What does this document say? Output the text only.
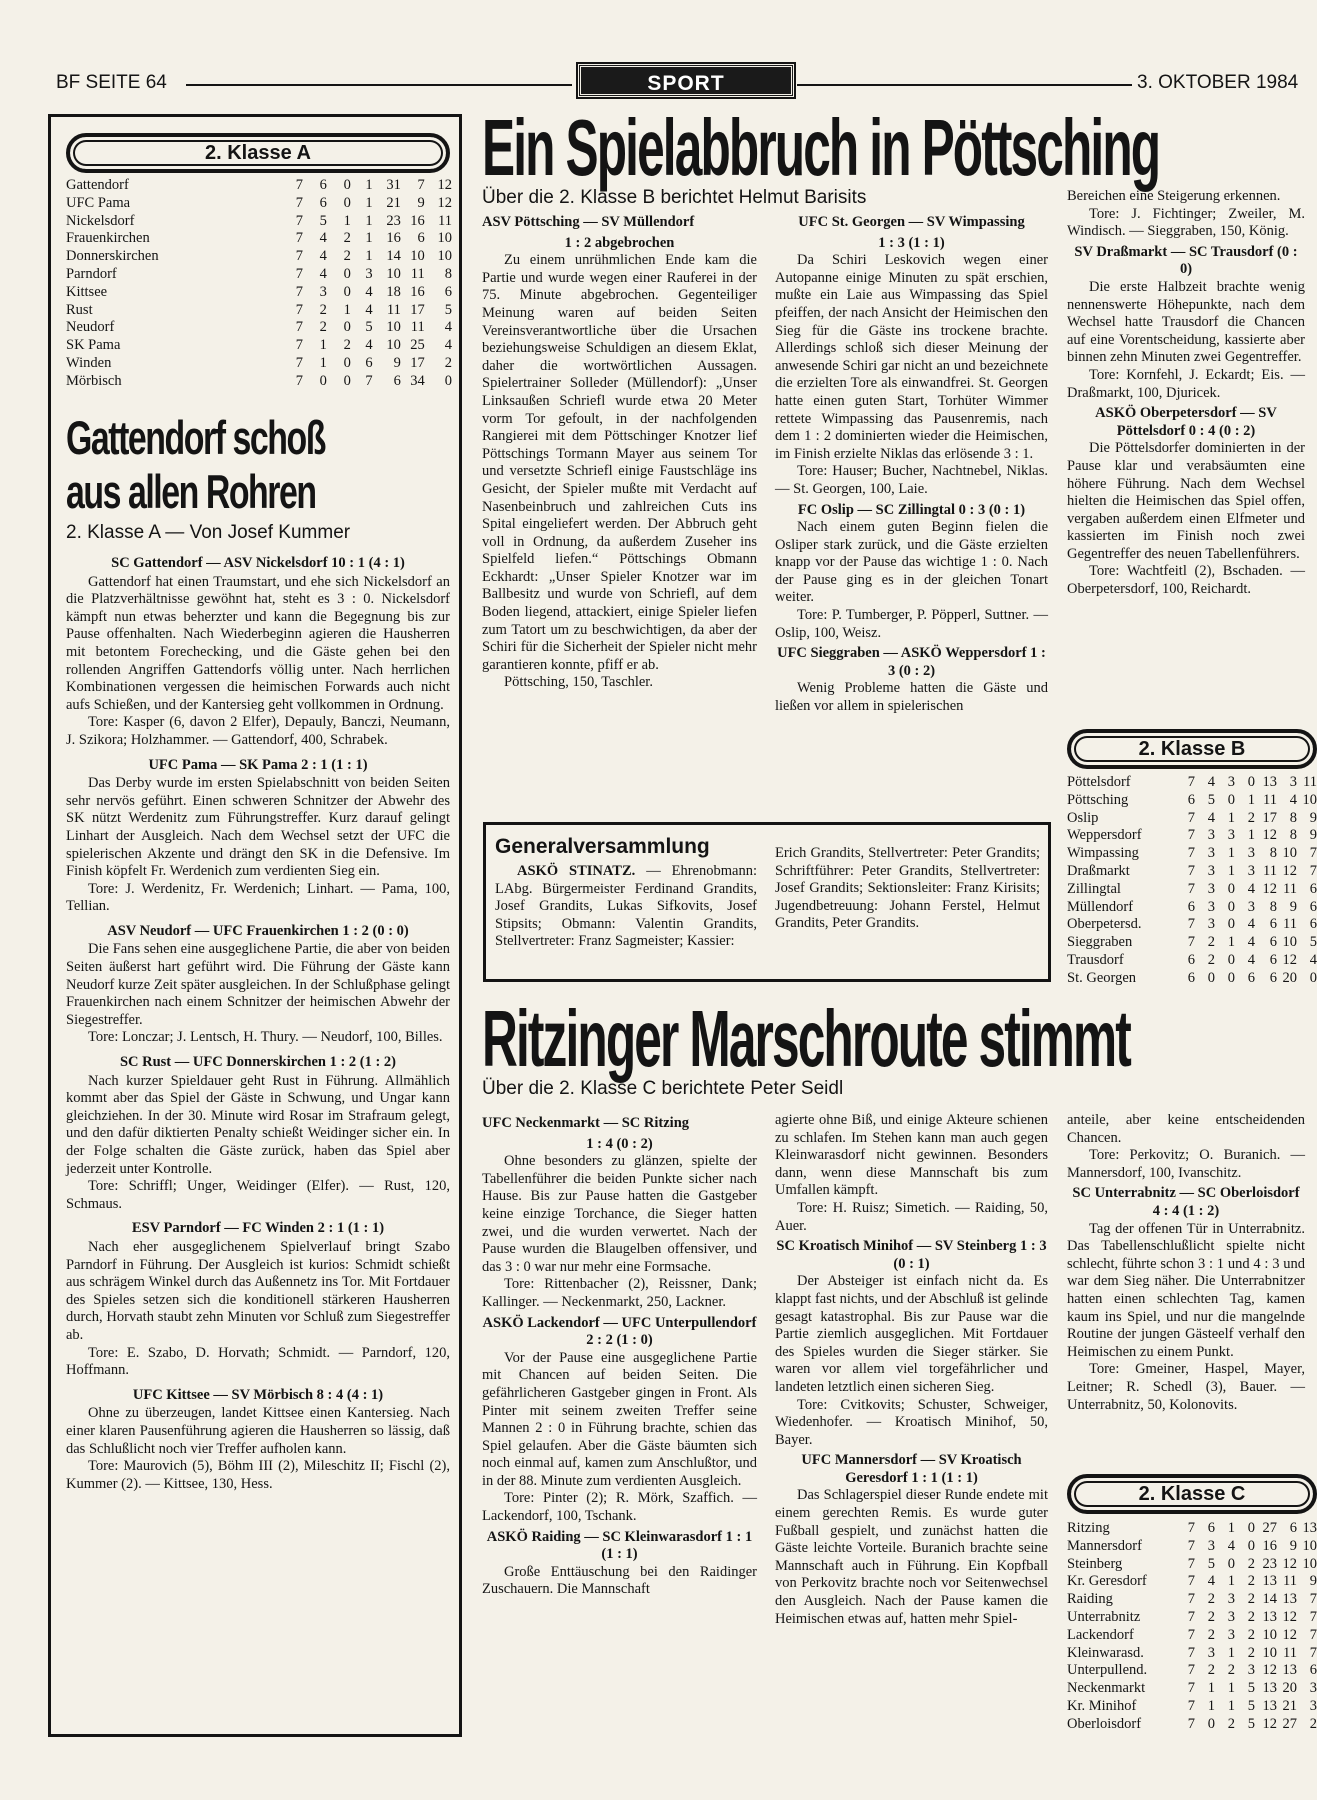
BF SEITE 64	SPORT	3. OKTOBER 1984
2. Klasse A
Gattendorf	7	6	0	1	31	7	12
UFC Pama	7	6	0	1	21	9	12
Nickelsdorf	7	5	1	1	23	16	11
Frauenkirchen	7	4	2	1	16	6	10
Donnerskirchen	7	4	2	1	14	10	10
Parndorf	7	4	0	3	10	11	8
Kittsee	7	3	0	4	18	16	6
Rust	7	2	1	4	11	17	5
Neudorf	7	2	0	5	10	11	4
SK Pama	7	1	2	4	10	25	4
Winden	7	1	0	6	9	17	2
Mörbisch	7	0	0	7	6	34	0
Gattendorf schoß
aus allen Rohren
2. Klasse A — Von Josef Kummer
SC Gattendorf — ASV Nickelsdorf 10 : 1 (4 : 1)

Gattendorf hat einen Traumstart, und ehe sich Nickelsdorf an die Platzverhältnisse gewöhnt hat, steht es 3 : 0. Nickelsdorf kämpft nun etwas beherzter und kann die Begegnung bis zur Pause offenhalten. Nach Wiederbeginn agieren die Hausherren mit betontem Forechecking, und die Gäste gehen bei den rollenden Angriffen Gattendorfs völlig unter. Nach herrlichen Kombinationen vergessen die heimischen Forwards auch nicht aufs Schießen, und der Kantersieg geht vollkommen in Ordnung.

Tore: Kasper (6, davon 2 Elfer), Depauly, Banczi, Neumann, J. Szikora; Holzhammer. — Gattendorf, 400, Schrabek.

UFC Pama — SK Pama 2 : 1 (1 : 1)

Das Derby wurde im ersten Spielabschnitt von beiden Seiten sehr nervös geführt. Einen schweren Schnitzer der Abwehr des SK nützt Werdenitz zum Führungstreffer. Kurz darauf gelingt Linhart der Ausgleich. Nach dem Wechsel setzt der UFC die spielerischen Akzente und drängt den SK in die Defensive. Im Finish köpfelt Fr. Werdenich zum verdienten Sieg ein.

Tore: J. Werdenitz, Fr. Werdenich; Linhart. — Pama, 100, Tellian.

ASV Neudorf — UFC Frauenkirchen 1 : 2 (0 : 0)

Die Fans sehen eine ausgeglichene Partie, die aber von beiden Seiten äußerst hart geführt wird. Die Führung der Gäste kann Neudorf kurze Zeit später ausgleichen. In der Schlußphase gelingt Frauenkirchen nach einem Schnitzer der heimischen Abwehr der Siegestreffer.

Tore: Lonczar; J. Lentsch, H. Thury. — Neudorf, 100, Billes.

SC Rust — UFC Donnerskirchen 1 : 2 (1 : 2)

Nach kurzer Spieldauer geht Rust in Führung. Allmählich kommt aber das Spiel der Gäste in Schwung, und Ungar kann gleichziehen. In der 30. Minute wird Rosar im Strafraum gelegt, und den dafür diktierten Penalty schießt Weidinger sicher ein. In der Folge schalten die Gäste zurück, haben das Spiel aber jederzeit unter Kontrolle.

Tore: Schriffl; Unger, Weidinger (Elfer). — Rust, 120, Schmaus.

ESV Parndorf — FC Winden 2 : 1 (1 : 1)

Nach eher ausgeglichenem Spielverlauf bringt Szabo Parndorf in Führung. Der Ausgleich ist kurios: Schmidt schießt aus schrägem Winkel durch das Außennetz ins Tor. Mit Fortdauer des Spieles setzen sich die konditionell stärkeren Hausherren durch, Horvath staubt zehn Minuten vor Schluß zum Siegestreffer ab.

Tore: E. Szabo, D. Horvath; Schmidt. — Parndorf, 120, Hoffmann.

UFC Kittsee — SV Mörbisch 8 : 4 (4 : 1)

Ohne zu überzeugen, landet Kittsee einen Kantersieg. Nach einer klaren Pausenführung agieren die Hausherren so lässig, daß das Schlußlicht noch vier Treffer aufholen kann.

Tore: Maurovich (5), Böhm III (2), Mileschitz II; Fischl (2), Kummer (2). — Kittsee, 130, Hess.

Ein Spielabbruch in Pöttsching
Über die 2. Klasse B berichtet Helmut Barisits
ASV Pöttsching — SV Müllendorf
1 : 2 abgebrochen

Zu einem unrühmlichen Ende kam die Partie und wurde wegen einer Rauferei in der 75. Minute abgebrochen. Gegenteiliger Meinung waren auf beiden Seiten Vereinsverantwortliche über die Ursachen beziehungsweise Schuldigen an diesem Eklat, daher die wortwörtlichen Aussagen. Spielertrainer Solleder (Müllendorf): „Unser Linksaußen Schriefl wurde etwa 20 Meter vorm Tor gefoult, in der nachfolgenden Rangierei mit dem Pöttschinger Knotzer lief Pöttschings Tormann Mayer aus seinem Tor und versetzte Schriefl einige Faustschläge ins Gesicht, der Spieler mußte mit Verdacht auf Nasenbeinbruch und zahlreichen Cuts ins Spital eingeliefert werden. Der Abbruch geht voll in Ordnung, da außerdem Zuseher ins Spielfeld liefen.“ Pöttschings Obmann Eckhardt: „Unser Spieler Knotzer war im Ballbesitz und wurde von Schriefl, auf dem Boden liegend, attackiert, einige Spieler liefen zum Tatort um zu beschwichtigen, da aber der Schiri für die Sicherheit der Spieler nicht mehr garantieren konnte, pfiff er ab.

Pöttsching, 150, Taschler.

UFC St. Georgen — SV Wimpassing
1 : 3 (1 : 1)

Da Schiri Leskovich wegen einer Autopanne einige Minuten zu spät erschien, mußte ein Laie aus Wimpassing das Spiel pfeiffen, der nach Ansicht der Heimischen den Sieg für die Gäste ins trockene brachte. Allerdings schloß sich dieser Meinung der anwesende Schiri gar nicht an und bezeichnete die erzielten Tore als einwandfrei. St. Georgen hatte einen guten Start, Torhüter Wimmer rettete Wimpassing das Pausenremis, nach dem 1 : 2 dominierten wieder die Heimischen, im Finish erzielte Niklas das erlösende 3 : 1.

Tore: Hauser; Bucher, Nachtnebel, Niklas. — St. Georgen, 100, Laie.

FC Oslip — SC Zillingtal 0 : 3 (0 : 1)

Nach einem guten Beginn fielen die Osliper stark zurück, und die Gäste erzielten knapp vor der Pause das wichtige 1 : 0. Nach der Pause ging es in der gleichen Tonart weiter.

Tore: P. Tumberger, P. Pöpperl, Suttner. — Oslip, 100, Weisz.

UFC Sieggraben — ASKÖ Weppersdorf 1 : 3 (0 : 2)

Wenig Probleme hatten die Gäste und ließen vor allem in spielerischen

Bereichen eine Steigerung erkennen.

Tore: J. Fichtinger; Zweiler, M. Windisch. — Sieggraben, 150, König.

SV Draßmarkt — SC Trausdorf (0 : 0)

Die erste Halbzeit brachte wenig nennenswerte Höhepunkte, nach dem Wechsel hatte Trausdorf die Chancen auf eine Vorentscheidung, kassierte aber binnen zehn Minuten zwei Gegentreffer.

Tore: Kornfehl, J. Eckardt; Eis. — Draßmarkt, 100, Djuricek.

ASKÖ Oberpetersdorf — SV Pöttelsdorf 0 : 4 (0 : 2)

Die Pöttelsdorfer dominierten in der Pause klar und verabsäumten eine höhere Führung. Nach dem Wechsel hielten die Heimischen das Spiel offen, vergaben außerdem einen Elfmeter und kassierten im Finish noch zwei Gegentreffer des neuen Tabellenführers.

Tore: Wachtfeitl (2), Bschaden. — Oberpetersdorf, 100, Reichardt.

2. Klasse B
Pöttelsdorf	7	4	3	0	13	3	11
Pöttsching	6	5	0	1	11	4	10
Oslip	7	4	1	2	17	8	9
Weppersdorf	7	3	3	1	12	8	9
Wimpassing	7	3	1	3	8	10	7
Draßmarkt	7	3	1	3	11	12	7
Zillingtal	7	3	0	4	12	11	6
Müllendorf	6	3	0	3	8	9	6
Oberpetersd.	7	3	0	4	6	11	6
Sieggraben	7	2	1	4	6	10	5
Trausdorf	6	2	0	4	6	12	4
St. Georgen	6	0	0	6	6	20	0
Generalversammlung

ASKÖ STINATZ. — Ehrenobmann: LAbg. Bürgermeister Ferdinand Grandits, Josef Grandits, Lukas Sifkovits, Josef Stipsits; Obmann: Valentin Grandits, Stellvertreter: Franz Sagmeister; Kassier:

Erich Grandits, Stellvertreter: Peter Grandits; Schriftführer: Peter Grandits, Stellvertreter: Josef Grandits; Sektionsleiter: Franz Kirisits; Jugendbetreuung: Johann Ferstel, Helmut Grandits, Peter Grandits.

Ritzinger Marschroute stimmt
Über die 2. Klasse C berichtete Peter Seidl
UFC Neckenmarkt — SC Ritzing
1 : 4 (0 : 2)

Ohne besonders zu glänzen, spielte der Tabellenführer die beiden Punkte sicher nach Hause. Bis zur Pause hatten die Gastgeber keine einzige Torchance, die Sieger hatten zwei, und die wurden verwertet. Nach der Pause wurden die Blaugelben offensiver, und das 3 : 0 war nur mehr eine Formsache.

Tore: Rittenbacher (2), Reissner, Dank; Kallinger. — Neckenmarkt, 250, Lackner.

ASKÖ Lackendorf — UFC Unterpullendorf 2 : 2 (1 : 0)

Vor der Pause eine ausgeglichene Partie mit Chancen auf beiden Seiten. Die gefährlicheren Gastgeber gingen in Front. Als Pinter mit seinem zweiten Treffer seine Mannen 2 : 0 in Führung brachte, schien das Spiel gelaufen. Aber die Gäste bäumten sich noch einmal auf, kamen zum Anschlußtor, und in der 88. Minute zum verdienten Ausgleich.

Tore: Pinter (2); R. Mörk, Szaffich. — Lackendorf, 100, Tschank.

ASKÖ Raiding — SC Kleinwarasdorf 1 : 1 (1 : 1)

Große Enttäuschung bei den Raidinger Zuschauern. Die Mannschaft

agierte ohne Biß, und einige Akteure schienen zu schlafen. Im Stehen kann man auch gegen Kleinwarasdorf nicht gewinnen. Besonders dann, wenn diese Mannschaft bis zum Umfallen kämpft.

Tore: H. Ruisz; Simetich. — Raiding, 50, Auer.

SC Kroatisch Minihof — SV Steinberg 1 : 3 (0 : 1)

Der Absteiger ist einfach nicht da. Es klappt fast nichts, und der Abschluß ist gelinde gesagt katastrophal. Bis zur Pause war die Partie ziemlich ausgeglichen. Mit Fortdauer des Spieles wurden die Sieger stärker. Sie waren vor allem viel torgefährlicher und landeten letztlich einen sicheren Sieg.

Tore: Cvitkovits; Schuster, Schweiger, Wiedenhofer. — Kroatisch Minihof, 50, Bayer.

UFC Mannersdorf — SV Kroatisch Geresdorf 1 : 1 (1 : 1)

Das Schlagerspiel dieser Runde endete mit einem gerechten Remis. Es wurde guter Fußball gespielt, und zunächst hatten die Gäste leichte Vorteile. Buranich brachte seine Mannschaft auch in Führung. Ein Kopfball von Perkovitz brachte noch vor Seitenwechsel den Ausgleich. Nach der Pause kamen die Heimischen etwas auf, hatten mehr Spiel-

anteile, aber keine entscheidenden Chancen.

Tore: Perkovitz; O. Buranich. — Mannersdorf, 100, Ivanschitz.

SC Unterrabnitz — SC Oberloisdorf 4 : 4 (1 : 2)

Tag der offenen Tür in Unterrabnitz. Das Tabellenschlußlicht spielte nicht schlecht, führte schon 3 : 1 und 4 : 3 und war dem Sieg näher. Die Unterrabnitzer hatten einen schlechten Tag, kamen kaum ins Spiel, und nur die mangelnde Routine der jungen Gästeelf verhalf den Heimischen zu einem Punkt.

Tore: Gmeiner, Haspel, Mayer, Leitner; R. Schedl (3), Bauer. — Unterrabnitz, 50, Kolonovits.

2. Klasse C
Ritzing	7	6	1	0	27	6	13
Mannersdorf	7	3	4	0	16	9	10
Steinberg	7	5	0	2	23	12	10
Kr. Geresdorf	7	4	1	2	13	11	9
Raiding	7	2	3	2	14	13	7
Unterrabnitz	7	2	3	2	13	12	7
Lackendorf	7	2	3	2	10	12	7
Kleinwarasd.	7	3	1	2	10	11	7
Unterpullend.	7	2	2	3	12	13	6
Neckenmarkt	7	1	1	5	13	20	3
Kr. Minihof	7	1	1	5	13	21	3
Oberloisdorf	7	0	2	5	12	27	2
